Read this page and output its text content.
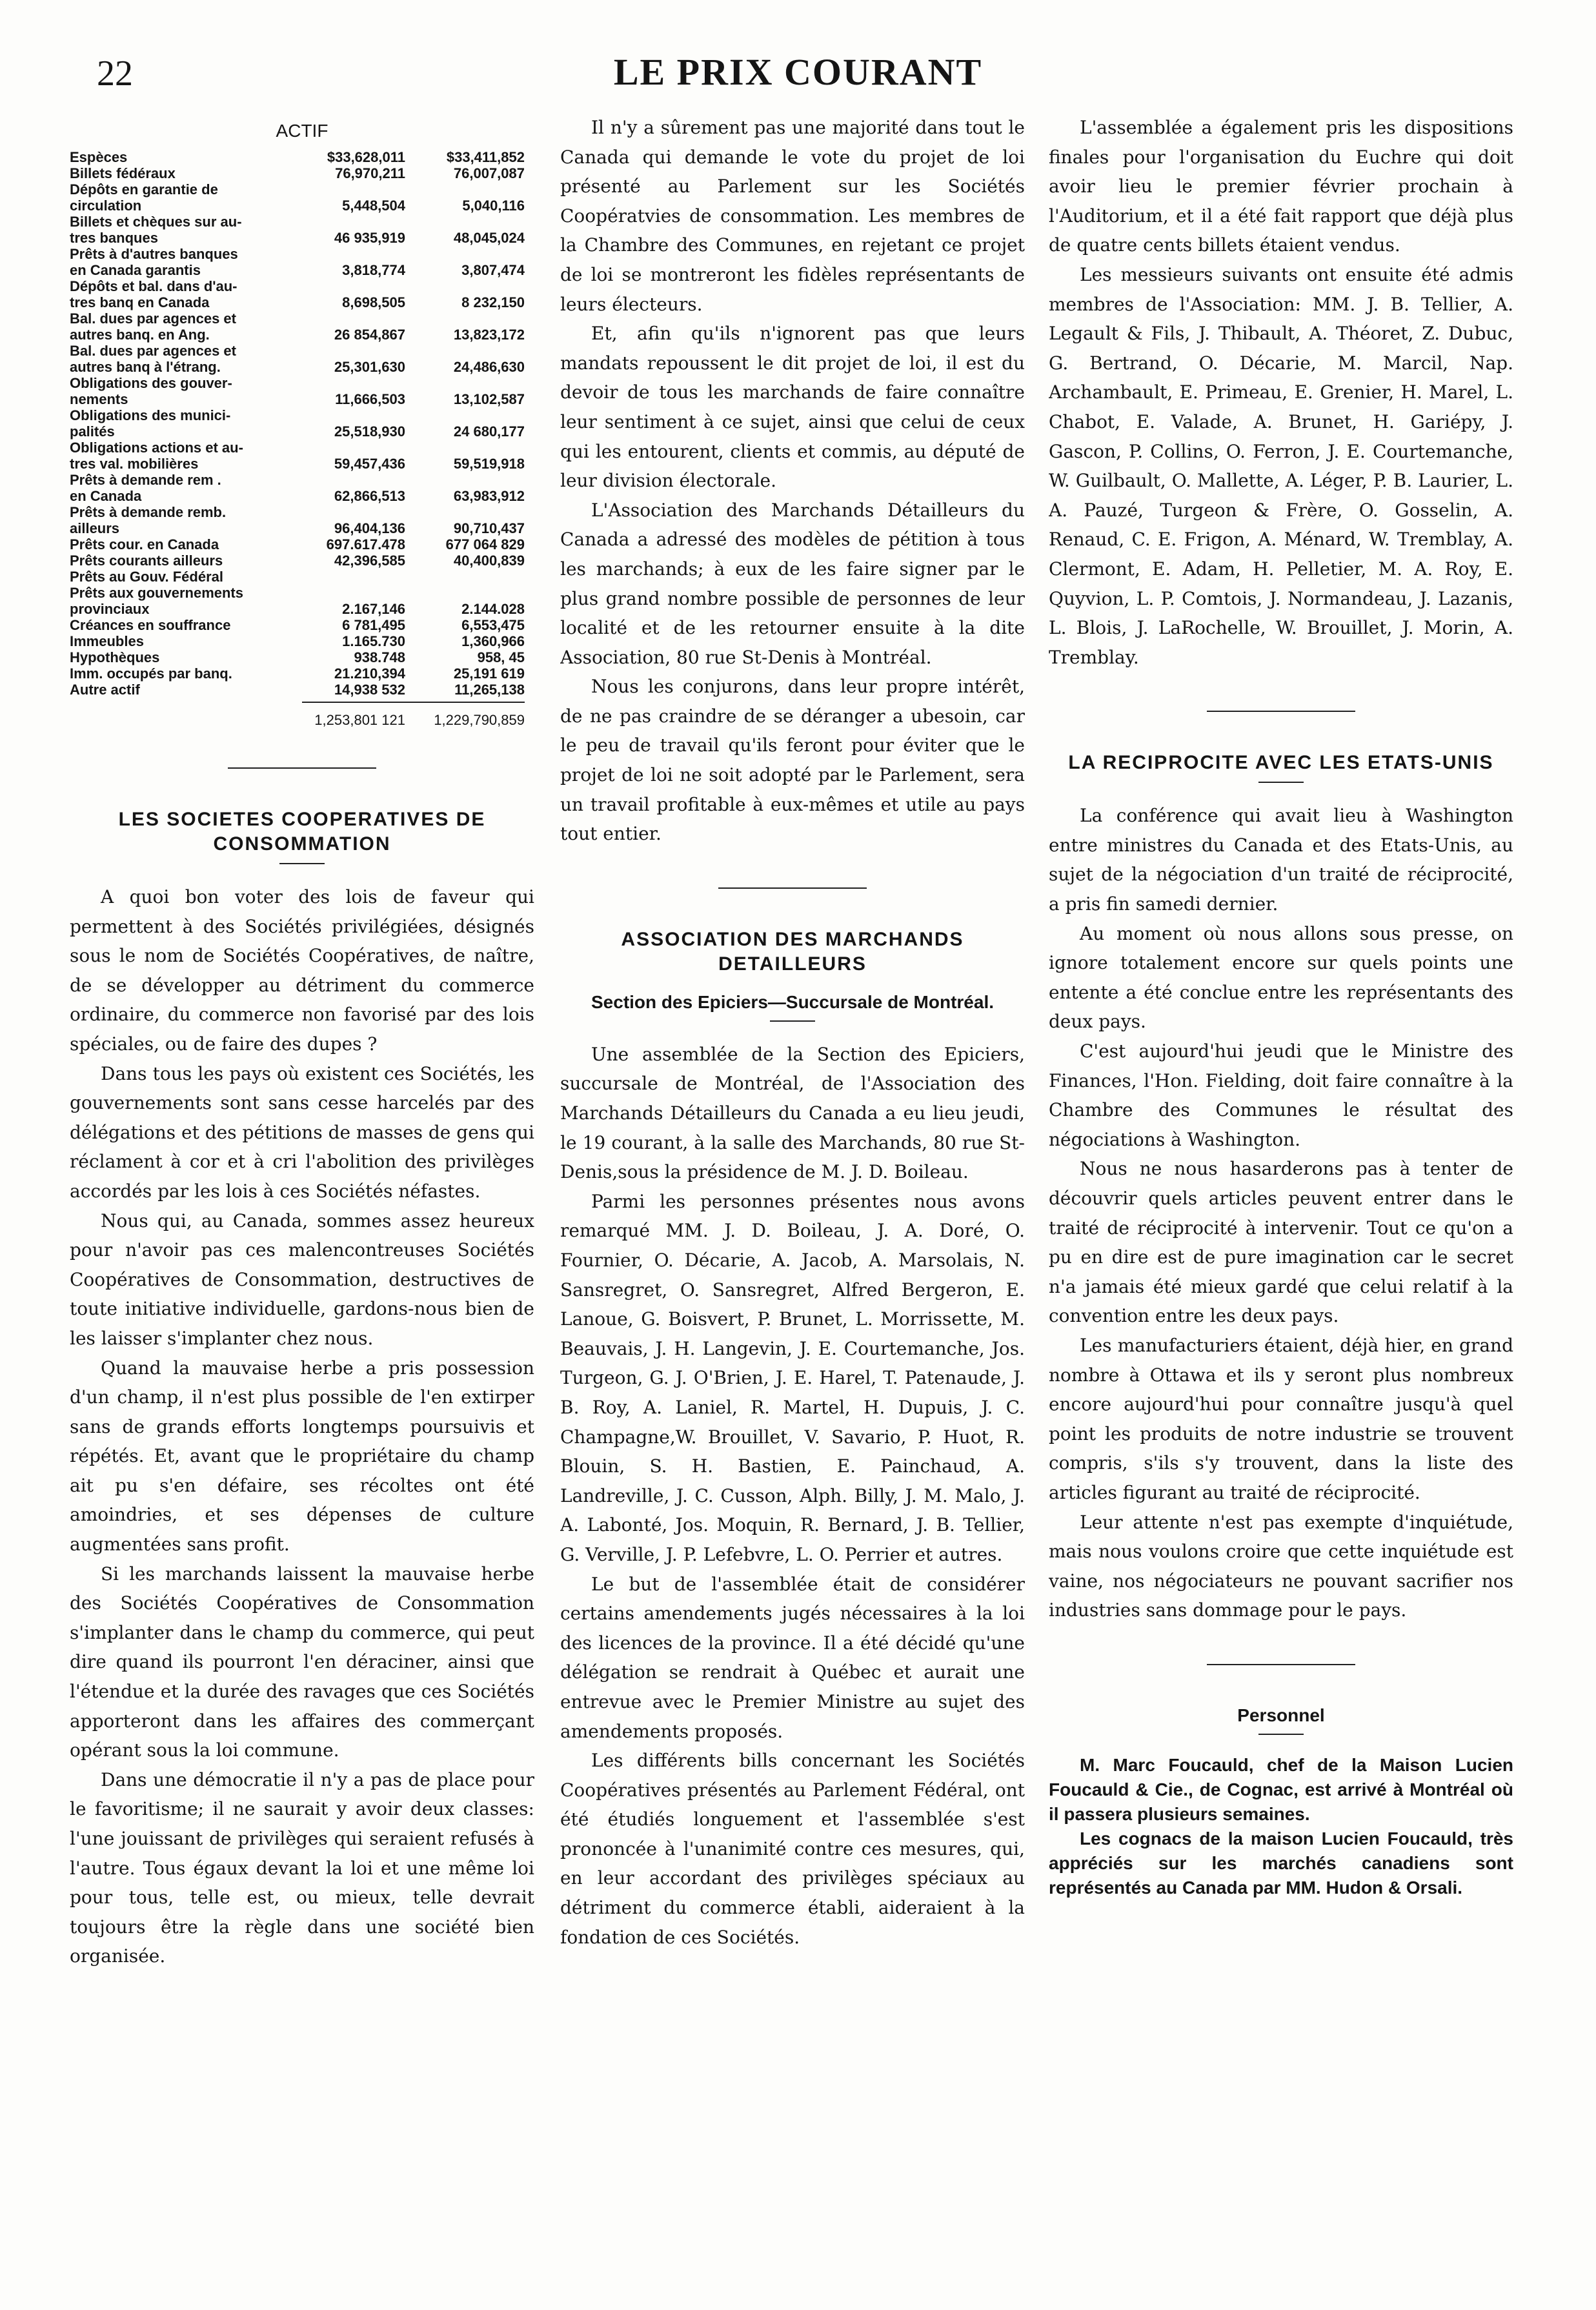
22	LE PRIX COURANT
ACTIF
Espèces	$33,628,011	$33,411,852
Billets fédéraux	76,970,211	76,007,087
Dépôts en garantie de
circulation	5,448,504	5,040,116
Billets et chèques sur au-
tres banques	46 935,919	48,045,024
Prêts à d'autres banques
en Canada garantis	3,818,774	3,807,474
Dépôts et bal. dans d'au-
tres banq en Canada	8,698,505	8 232,150
Bal. dues par agences et
autres banq. en Ang.	26 854,867	13,823,172
Bal. dues par agences et
autres banq à l'étrang.	25,301,630	24,486,630
Obligations des gouver-
nements	11,666,503	13,102,587
Obligations des munici-
palités	25,518,930	24 680,177
Obligations actions et au-
tres val. mobilières	59,457,436	59,519,918
Prêts à demande rem .
en Canada	62,866,513	63,983,912
Prêts à demande remb.
ailleurs	96,404,136	90,710,437
Prêts cour. en Canada	697.617.478	677 064 829
Prêts courants ailleurs	42,396,585	40,400,839
Prêts au Gouv. Fédéral
Prêts aux gouvernements
provinciaux	2.167,146	2.144.028
Créances en souffrance	6 781,495	6,553,475
Immeubles	1.165.730	1,360,966
Hypothèques	938.748	958, 45
Imm. occupés par banq.	21.210,394	25,191 619
Autre actif	14,938 532	11,265,138
1,253,801 121	1,229,790,859
LES SOCIETES COOPERATIVES DE CONSOMMATION

A quoi bon voter des lois de faveur qui permettent à des Sociétés privilégiées, désignés sous le nom de Sociétés Coopératives, de naître, de se développer au détriment du commerce ordinaire, du commerce non favorisé par des lois spéciales, ou de faire des dupes ?

Dans tous les pays où existent ces Sociétés, les gouvernements sont sans cesse harcelés par des délégations et des pétitions de masses de gens qui réclament à cor et à cri l'abolition des privilèges accordés par les lois à ces Sociétés néfastes.

Nous qui, au Canada, sommes assez heureux pour n'avoir pas ces malencontreuses Sociétés Coopératives de Consommation, destructives de toute initiative individuelle, gardons-nous bien de les laisser s'implanter chez nous.

Quand la mauvaise herbe a pris possession d'un champ, il n'est plus possible de l'en extirper sans de grands efforts longtemps poursuivis et répétés. Et, avant que le propriétaire du champ ait pu s'en défaire, ses récoltes ont été amoindries, et ses dépenses de culture augmentées sans profit.

Si les marchands laissent la mauvaise herbe des Sociétés Coopératives de Consommation s'implanter dans le champ du commerce, qui peut dire quand ils pourront l'en déraciner, ainsi que l'étendue et la durée des ravages que ces Sociétés apporteront dans les affaires des commerçant opérant sous la loi commune.

Dans une démocratie il n'y a pas de place pour le favoritisme; il ne saurait y avoir deux classes: l'une jouissant de privilèges qui seraient refusés à l'autre. Tous égaux devant la loi et une même loi pour tous, telle est, ou mieux, telle devrait toujours être la règle dans une société bien organisée.

Il n'y a sûrement pas une majorité dans tout le Canada qui demande le vote du projet de loi présenté au Parlement sur les Sociétés Coopératvies de consommation. Les membres de la Chambre des Communes, en rejetant ce projet de loi se montreront les fidèles représentants de leurs électeurs.

Et, afin qu'ils n'ignorent pas que leurs mandats repoussent le dit projet de loi, il est du devoir de tous les marchands de faire connaître leur sentiment à ce sujet, ainsi que celui de ceux qui les entourent, clients et commis, au député de leur division électorale.

L'Association des Marchands Détailleurs du Canada a adressé des modèles de pétition à tous les marchands; à eux de les faire signer par le plus grand nombre possible de personnes de leur localité et de les retourner ensuite à la dite Association, 80 rue St-Denis à Montréal.

Nous les conjurons, dans leur propre intérêt, de ne pas craindre de se déranger a ubesoin, car le peu de travail qu'ils feront pour éviter que le projet de loi ne soit adopté par le Parlement, sera un travail profitable à eux-mêmes et utile au pays tout entier.

ASSOCIATION DES MARCHANDS DETAILLEURS
Section des Epiciers—Succursale de Montréal.

Une assemblée de la Section des Epiciers, succursale de Montréal, de l'Association des Marchands Détailleurs du Canada a eu lieu jeudi, le 19 courant, à la salle des Marchands, 80 rue St-Denis,sous la présidence de M. J. D. Boileau.

Parmi les personnes présentes nous avons remarqué MM. J. D. Boileau, J. A. Doré, O. Fournier, O. Décarie, A. Jacob, A. Marsolais, N. Sansregret, O. Sansregret, Alfred Bergeron, E. Lanoue, G. Boisvert, P. Brunet, L. Morrissette, M. Beauvais, J. H. Langevin, J. E. Courtemanche, Jos. Turgeon, G. J. O'Brien, J. E. Harel, T. Patenaude, J. B. Roy, A. Laniel, R. Martel, H. Dupuis, J. C. Champagne,W. Brouillet, V. Savario, P. Huot, R. Blouin, S. H. Bastien, E. Painchaud, A. Landreville, J. C. Cusson, Alph. Billy, J. M. Malo, J. A. Labonté, Jos. Moquin, R. Bernard, J. B. Tellier, G. Verville, J. P. Lefebvre, L. O. Perrier et autres.

Le but de l'assemblée était de considérer certains amendements jugés nécessaires à la loi des licences de la province. Il a été décidé qu'une délégation se rendrait à Québec et aurait une entrevue avec le Premier Ministre au sujet des amendements proposés.

Les différents bills concernant les Sociétés Coopératives présentés au Parlement Fédéral, ont été étudiés longuement et l'assemblée s'est prononcée à l'unanimité contre ces mesures, qui, en leur accordant des privilèges spéciaux au détriment du commerce établi, aideraient à la fondation de ces Sociétés.

L'assemblée a également pris les dispositions finales pour l'organisation du Euchre qui doit avoir lieu le premier février prochain à l'Auditorium, et il a été fait rapport que déjà plus de quatre cents billets étaient vendus.

Les messieurs suivants ont ensuite été admis membres de l'Association: MM. J. B. Tellier, A. Legault & Fils, J. Thibault, A. Théoret, Z. Dubuc, G. Bertrand, O. Décarie, M. Marcil, Nap. Archambault, E. Primeau, E. Grenier, H. Marel, L. Chabot, E. Valade, A. Brunet, H. Gariépy, J. Gascon, P. Collins, O. Ferron, J. E. Courtemanche, W. Guilbault, O. Mallette, A. Léger, P. B. Laurier, L. A. Pauzé, Turgeon & Frère, O. Gosselin, A. Renaud, C. E. Frigon, A. Ménard, W. Tremblay, A. Clermont, E. Adam, H. Pelletier, M. A. Roy, E. Quyvion, L. P. Comtois, J. Normandeau, J. Lazanis, L. Blois, J. LaRochelle, W. Brouillet, J. Morin, A. Tremblay.

LA RECIPROCITE AVEC LES ETATS-UNIS

La conférence qui avait lieu à Washington entre ministres du Canada et des Etats-Unis, au sujet de la négociation d'un traité de réciprocité, a pris fin samedi dernier.

Au moment où nous allons sous presse, on ignore totalement encore sur quels points une entente a été conclue entre les représentants des deux pays.

C'est aujourd'hui jeudi que le Ministre des Finances, l'Hon. Fielding, doit faire connaître à la Chambre des Communes le résultat des négociations à Washington.

Nous ne nous hasarderons pas à tenter de découvrir quels articles peuvent entrer dans le traité de réciprocité à intervenir. Tout ce qu'on a pu en dire est de pure imagination car le secret n'a jamais été mieux gardé que celui relatif à la convention entre les deux pays.

Les manufacturiers étaient, déjà hier, en grand nombre à Ottawa et ils y seront plus nombreux encore aujourd'hui pour connaître jusqu'à quel point les produits de notre industrie se trouvent compris, s'ils s'y trouvent, dans la liste des articles figurant au traité de réciprocité.

Leur attente n'est pas exempte d'inquiétude, mais nous voulons croire que cette inquiétude est vaine, nos négociateurs ne pouvant sacrifier nos industries sans dommage pour le pays.

Personnel

M. Marc Foucauld, chef de la Maison Lucien Foucauld & Cie., de Cognac, est arrivé à Montréal où il passera plusieurs semaines.

Les cognacs de la maison Lucien Foucauld, très appréciés sur les marchés canadiens sont représentés au Canada par MM. Hudon & Orsali.
